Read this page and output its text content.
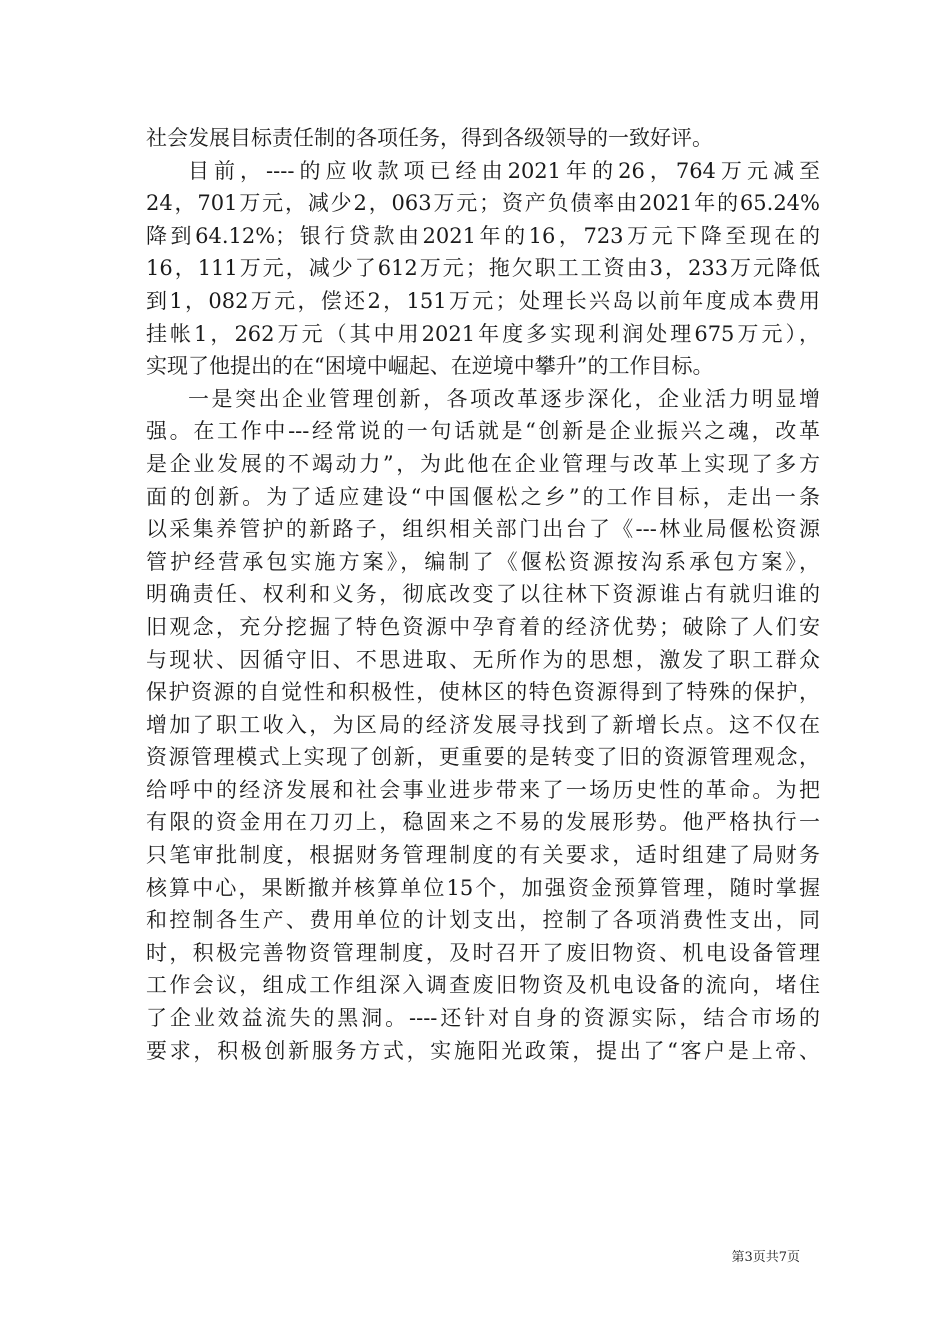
社会发展目标责任制的各项任务，得到各级领导的一致好评。
目前，----的应收款项已经由2021年的26，764万元减至
24，701万元，减少2，063万元；资产负债率由2021年的65.24%
降到64.12%；银行贷款由2021年的16，723万元下降至现在的
16，111万元，减少了612万元；拖欠职工工资由3，233万元降低
到1，082万元，偿还2，151万元；处理长兴岛以前年度成本费用
挂帐1，262万元（其中用2021年度多实现利润处理675万元），
实现了他提出的在“困境中崛起、在逆境中攀升”的工作目标。
一是突出企业管理创新，各项改革逐步深化，企业活力明显增
强。在工作中---经常说的一句话就是“创新是企业振兴之魂，改革
是企业发展的不竭动力”，为此他在企业管理与改革上实现了多方
面的创新。为了适应建设“中国偃松之乡”的工作目标，走出一条
以采集养管护的新路子，组织相关部门出台了《---林业局偃松资源
管护经营承包实施方案》，编制了《偃松资源按沟系承包方案》，
明确责任、权利和义务，彻底改变了以往林下资源谁占有就归谁的
旧观念，充分挖掘了特色资源中孕育着的经济优势；破除了人们安
与现状、因循守旧、不思进取、无所作为的思想，激发了职工群众
保护资源的自觉性和积极性，使林区的特色资源得到了特殊的保护，
增加了职工收入，为区局的经济发展寻找到了新增长点。这不仅在
资源管理模式上实现了创新，更重要的是转变了旧的资源管理观念，
给呼中的经济发展和社会事业进步带来了一场历史性的革命。为把
有限的资金用在刀刃上，稳固来之不易的发展形势。他严格执行一
只笔审批制度，根据财务管理制度的有关要求，适时组建了局财务
核算中心，果断撤并核算单位15个，加强资金预算管理，随时掌握
和控制各生产、费用单位的计划支出，控制了各项消费性支出，同
时，积极完善物资管理制度，及时召开了废旧物资、机电设备管理
工作会议，组成工作组深入调查废旧物资及机电设备的流向，堵住
了企业效益流失的黑洞。----还针对自身的资源实际，结合市场的
要求，积极创新服务方式，实施阳光政策，提出了“客户是上帝、
第3页共7页
